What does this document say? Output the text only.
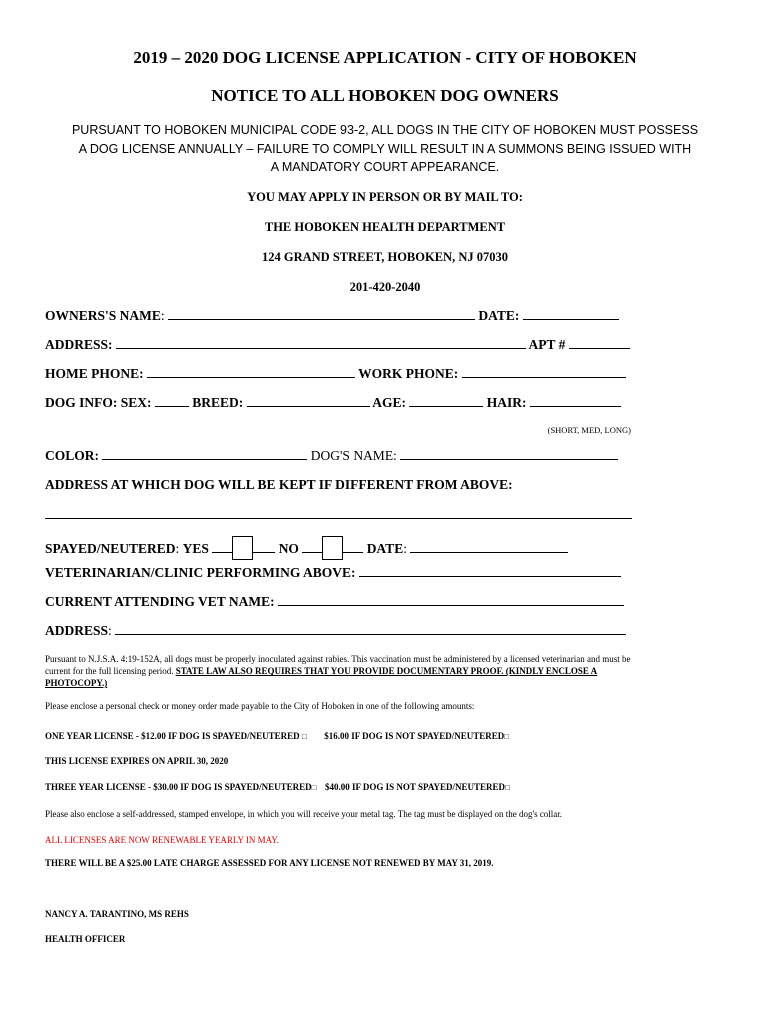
2019 – 2020 DOG LICENSE APPLICATION - CITY OF HOBOKEN
NOTICE TO ALL HOBOKEN DOG OWNERS
PURSUANT TO HOBOKEN MUNICIPAL CODE 93-2, ALL DOGS IN THE CITY OF HOBOKEN MUST POSSESS
A DOG LICENSE ANNUALLY – FAILURE TO COMPLY WILL RESULT IN A SUMMONS BEING ISSUED WITH
A MANDATORY COURT APPEARANCE.
YOU MAY APPLY IN PERSON OR BY MAIL TO:
THE HOBOKEN HEALTH DEPARTMENT
124 GRAND STREET, HOBOKEN, NJ 07030
201-420-2040
OWNERS'S NAME:	DATE:
ADDRESS:	APT #
HOME PHONE:	WORK PHONE:
DOG INFO: SEX:	BREED:	AGE:	HAIR:
(SHORT, MED, LONG)
COLOR:	DOG'S NAME:
ADDRESS AT WHICH DOG WILL BE KEPT IF DIFFERENT FROM ABOVE:
SPAYED/NEUTERED: YES	NO	DATE:
VETERINARIAN/CLINIC PERFORMING ABOVE:
CURRENT ATTENDING VET NAME:
ADDRESS:
Pursuant to N.J.S.A. 4:19-152A, all dogs must be properly inoculated against rabies. This vaccination must be administered by a licensed veterinarian and must be
current for the full licensing period. STATE LAW ALSO REQUIRES THAT YOU PROVIDE DOCUMENTARY PROOF. (KINDLY ENCLOSE A
PHOTOCOPY.)
Please enclose a personal check or money order made payable to the City of Hoboken in one of the following amounts:
ONE YEAR LICENSE - $12.00 IF DOG IS SPAYED/NEUTERED □ $16.00 IF DOG IS NOT SPAYED/NEUTERED□
THIS LICENSE EXPIRES ON APRIL 30, 2020
THREE YEAR LICENSE - $30.00 IF DOG IS SPAYED/NEUTERED□ $40.00 IF DOG IS NOT SPAYED/NEUTERED□
Please also enclose a self-addressed, stamped envelope, in which you will receive your metal tag. The tag must be displayed on the dog's collar.
ALL LICENSES ARE NOW RENEWABLE YEARLY IN MAY.
THERE WILL BE A $25.00 LATE CHARGE ASSESSED FOR ANY LICENSE NOT RENEWED BY MAY 31, 2019.
NANCY A. TARANTINO, MS REHS
HEALTH OFFICER
